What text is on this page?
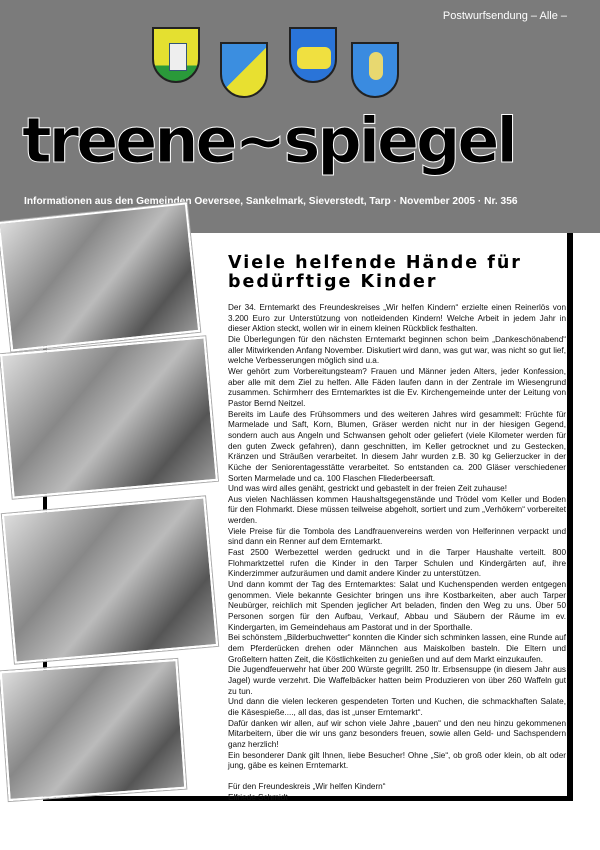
Postwurfsendung – Alle –
treene~spiegel
Informationen aus den Gemeinden Oeversee, Sankelmark, Sieverstedt, Tarp · November 2005 · Nr. 356
Viele helfende Hände für bedürftige Kinder

Der 34. Erntemarkt des Freundeskreises „Wir helfen Kindern“ erzielte einen Reinerlös von 3.200 Euro zur Unterstützung von notleidenden Kindern! Welche Arbeit in jedem Jahr in dieser Aktion steckt, wollen wir in einem kleinen Rückblick festhalten.

Die Überlegungen für den nächsten Erntemarkt beginnen schon beim „Dankeschönabend“ aller Mitwirkenden Anfang November. Diskutiert wird dann, was gut war, was nicht so gut lief, welche Verbesserungen möglich sind u.a.

Wer gehört zum Vorbereitungsteam? Frauen und Männer jeden Alters, jeder Konfession, aber alle mit dem Ziel zu helfen. Alle Fäden laufen dann in der Zentrale im Wiesengrund zusammen. Schirmherr des Erntemarktes ist die Ev. Kirchengemeinde unter der Leitung von Pastor Bernd Neitzel.

Bereits im Laufe des Frühsommers und des weiteren Jahres wird gesammelt: Früchte für Marmelade und Saft, Korn, Blumen, Gräser werden nicht nur in der hiesigen Gegend, sondern auch aus Angeln und Schwansen geholt oder geliefert (viele Kilometer werden für den guten Zweck gefahren), dann geschnitten, im Keller getrocknet und zu Gestecken, Kränzen und Sträußen verarbeitet. In diesem Jahr wurden z.B. 30 kg Gelierzucker in der Küche der Seniorentagesstätte verarbeitet. So entstanden ca. 200 Gläser verschiedener Sorten Marmelade und ca. 100 Flaschen Fliederbeersaft.

Und was wird alles genäht, gestrickt und gebastelt in der freien Zeit zuhause!

Aus vielen Nachlässen kommen Haushaltsgegenstände und Trödel vom Keller und Boden für den Flohmarkt. Diese müssen teilweise abgeholt, sortiert und zum „Verhökern“ vorbereitet werden.

Viele Preise für die Tombola des Landfrauenvereins werden von Helferinnen verpackt und sind dann ein Renner auf dem Erntemarkt.

Fast 2500 Werbezettel werden gedruckt und in die Tarper Haushalte verteilt. 800 Flohmarktzettel rufen die Kinder in den Tarper Schulen und Kindergärten auf, ihre Kinderzimmer aufzuräumen und damit andere Kinder zu unterstützen.

Und dann kommt der Tag des Erntemarktes: Salat und Kuchenspenden werden entgegen genommen. Viele bekannte Gesichter bringen uns ihre Kostbarkeiten, aber auch Tarper Neubürger, reichlich mit Spenden jeglicher Art beladen, finden den Weg zu uns. Über 50 Personen sorgen für den Aufbau, Verkauf, Abbau und Säubern der Räume im ev. Kindergarten, im Gemeindehaus am Pastorat und in der Sporthalle.

Bei schönstem „Bilderbuchwetter“ konnten die Kinder sich schminken lassen, eine Runde auf dem Pferderücken drehen oder Männchen aus Maiskolben basteln. Die Eltern und Großeltern hatten Zeit, die Köstlichkeiten zu genießen und auf dem Markt einzukaufen.

Die Jugendfeuerwehr hat über 200 Würste gegrillt. 250 ltr. Erbsensuppe (in diesem Jahr aus Jagel) wurde verzehrt. Die Waffelbäcker hatten beim Produzieren von über 260 Waffeln gut zu tun.

Und dann die vielen leckeren gespendeten Torten und Kuchen, die schmackhaften Salate, die Käsespieße...., all das, das ist „unser Erntemarkt“.

Dafür danken wir allen, auf wir schon viele Jahre „bauen“ und den neu hinzu gekommenen Mitarbeitern, über die wir uns ganz besonders freuen, sowie allen Geld- und Sachspendern ganz herzlich!

Ein besonderer Dank gilt Ihnen, liebe Besucher! Ohne „Sie“, ob groß oder klein, ob alt oder jung, gäbe es keinen Erntemarkt.

Für den Freundeskreis „Wir helfen Kindern“

Elfriede Schmidt
